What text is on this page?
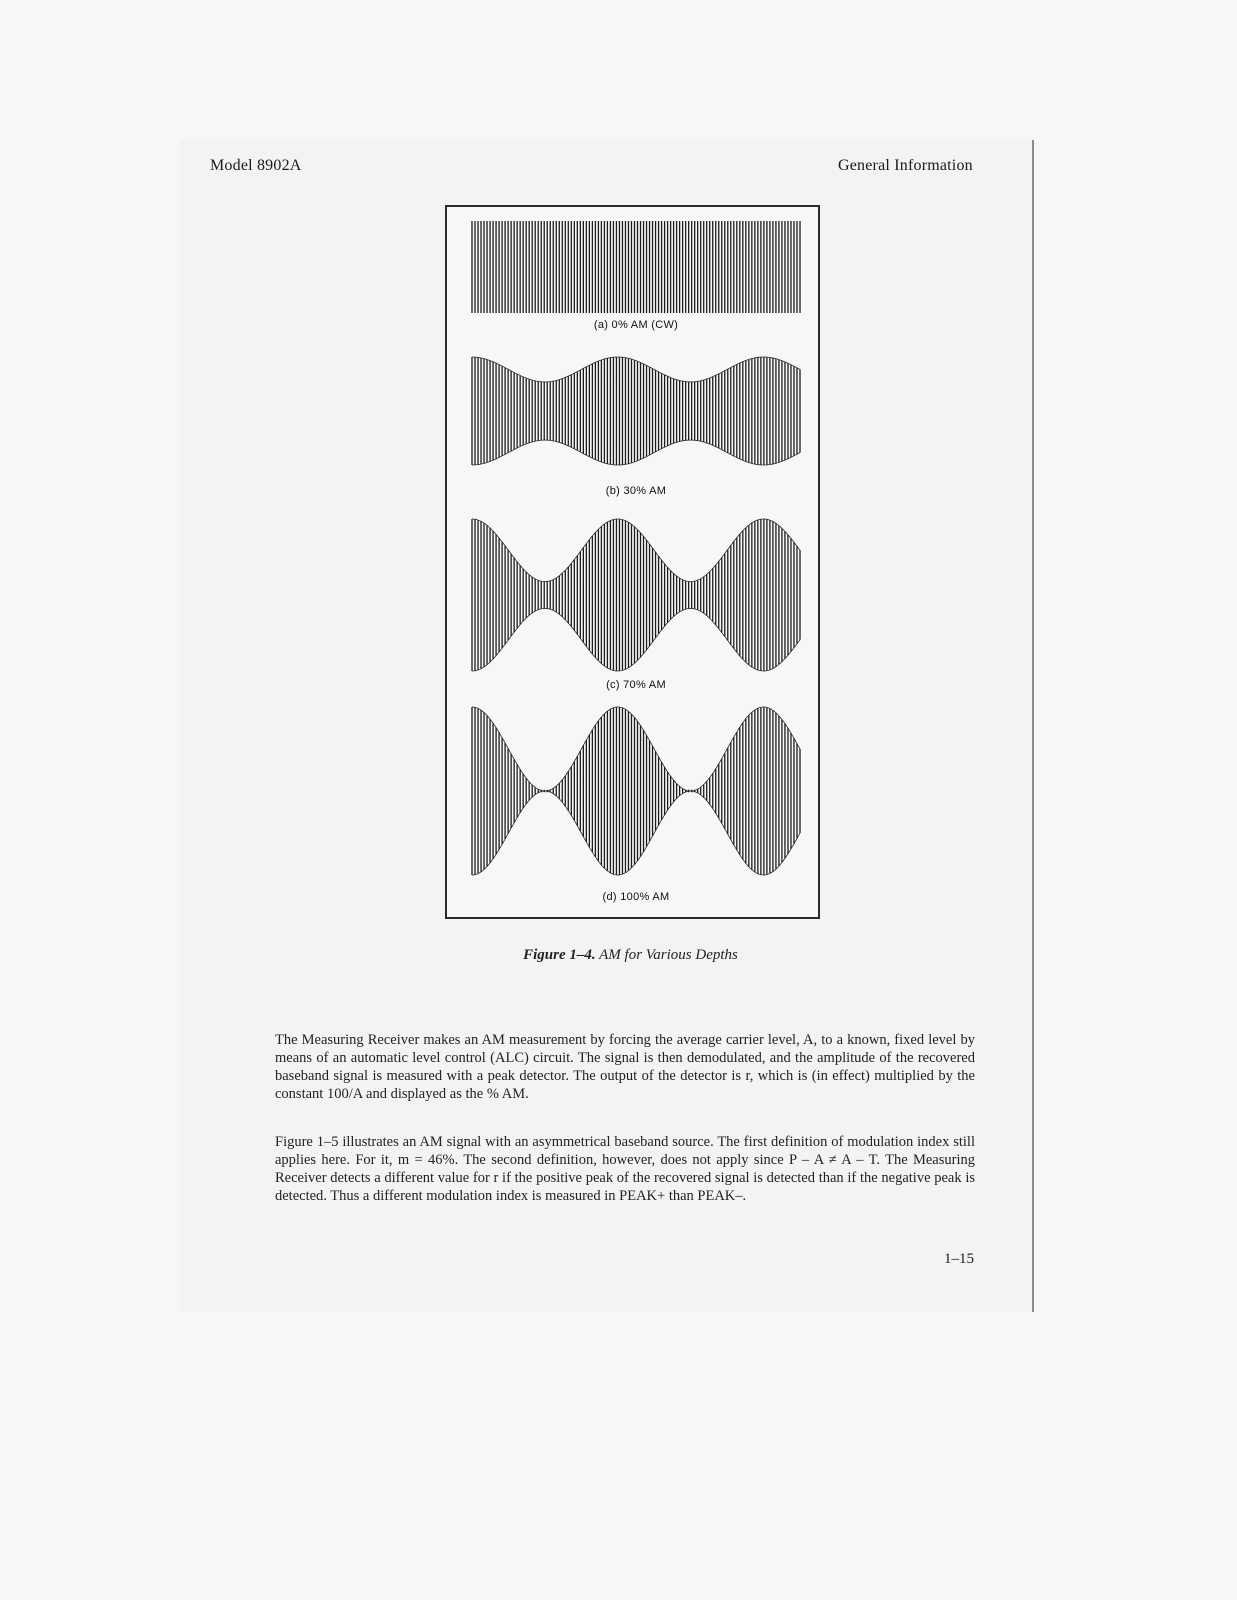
Model 8902A	General Information
(a) 0% AM (CW)
(b) 30% AM
(c) 70% AM
(d) 100% AM
Figure 1–4. AM for Various Depths

The Measuring Receiver makes an AM measurement by forcing the average carrier level, A, to a known, fixed level by means of an automatic level control (ALC) circuit. The signal is then demodulated, and the amplitude of the recovered baseband signal is measured with a peak detector. The output of the detector is r, which is (in effect) multiplied by the constant 100/A and displayed as the % AM.

Figure 1–5 illustrates an AM signal with an asymmetrical baseband source. The first definition of modulation index still applies here. For it, m = 46%. The second definition, however, does not apply since P – A ≠ A – T. The Measuring Receiver detects a different value for r if the positive peak of the recovered signal is detected than if the negative peak is detected. Thus a different modulation index is measured in PEAK+ than PEAK–.

1–15
